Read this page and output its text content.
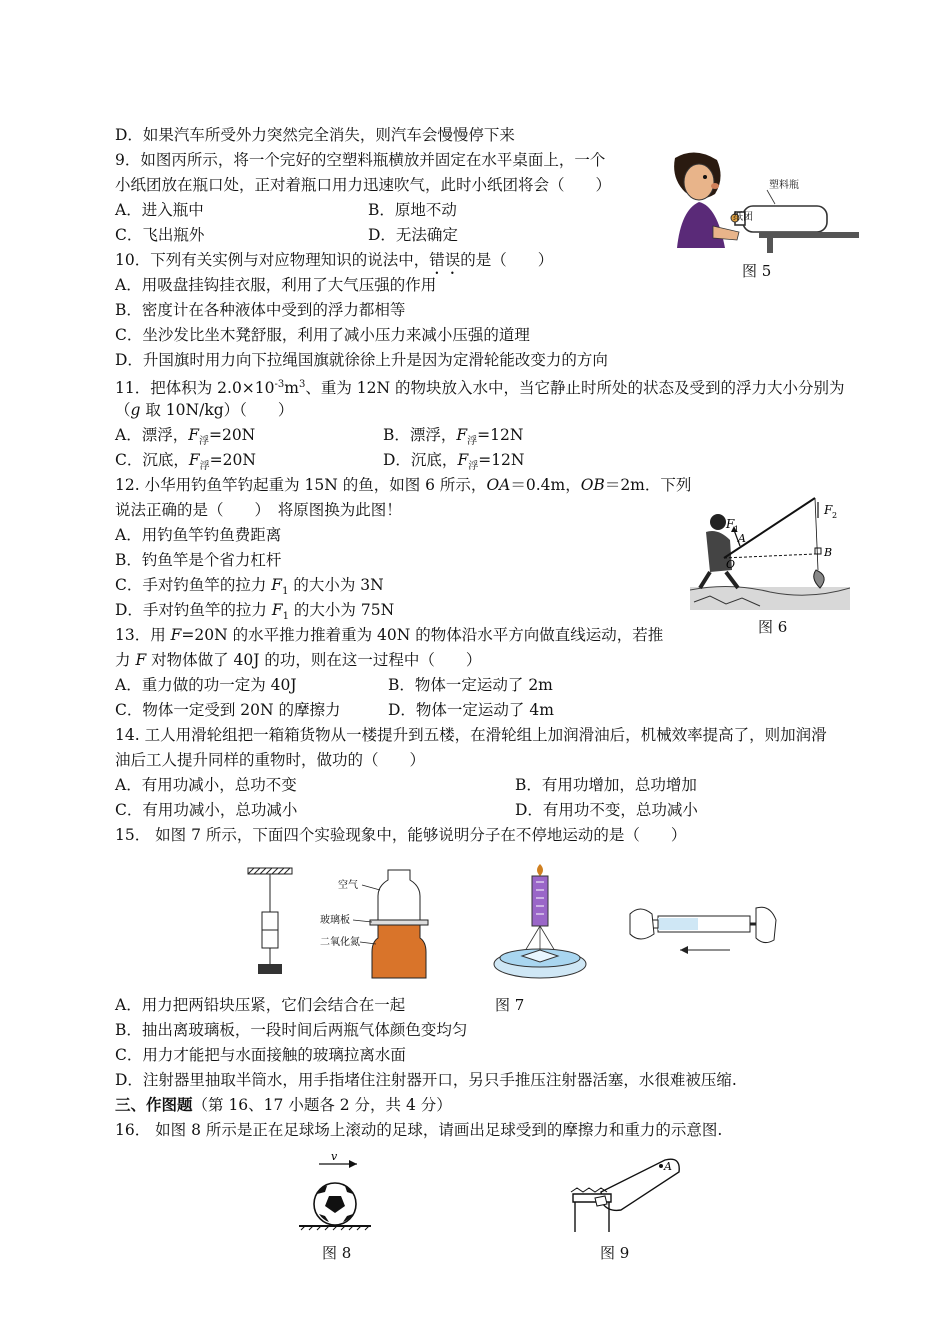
D．如果汽车所受外力突然完全消失，则汽车会慢慢停下来
9．如图丙所示，将一个完好的空塑料瓶横放并固定在水平桌面上，一个
小纸团放在瓶口处，正对着瓶口用力迅速吹气，此时小纸团将会（　　）
A．进入瓶中	B．原地不动
C．飞出瓶外	D．无法确定
塑料瓶
纸团
图 5
10．下列有关实例与对应物理知识的说法中，错误的是（　　）
A．用吸盘挂钩挂衣服，利用了大气压强的作用
B．密度计在各种液体中受到的浮力都相等
C．坐沙发比坐木凳舒服，利用了减小压力来减小压强的道理
D．升国旗时用力向下拉绳国旗就徐徐上升是因为定滑轮能改变力的方向
11．把体积为 $2.0\times 10^{-3}m^3$、重为 12N 的物块放入水中，当它静止时所处的状态及受到的浮力大小分别为
（g 取 10N/kg）（　　）
A．漂浮，$F_浮=20N$	B．漂浮，$F_浮=12N$
C．沉底，$F_浮=20N$	D．沉底，$F_浮=12N$
12. 小华用钓鱼竿钓起重为 15N 的鱼，如图 6 所示，OA＝0.4m，OB＝2m．下列
说法正确的是（　　）　将原图换为此图！
A．用钓鱼竿钓鱼费距离
B．钓鱼竿是个省力杠杆
C．手对钓鱼竿的拉力 $F_1$ 的大小为 3N
D．手对钓鱼竿的拉力 $F_1$ 的大小为 75N
F 1
A
O
F 2
B
图 6
13．用 F=20N 的水平推力推着重为 40N 的物体沿水平方向做直线运动，若推
力 F 对物体做了 40J 的功，则在这一过程中（　　）
A．重力做的功一定为 40J	B．物体一定运动了 2m
C．物体一定受到 20N 的摩擦力	D．物体一定运动了 4m
14. 工人用滑轮组把一箱箱货物从一楼提升到五楼，在滑轮组上加润滑油后，机械效率提高了，则加润滑
油后工人提升同样的重物时，做功的（　　）
A．有用功减小，总功不变	B．有用功增加，总功增加
C．有用功减小，总功减小	D．有用功不变，总功减小
15． 如图 7 所示，下面四个实验现象中，能够说明分子在不停地运动的是（　　）
空气
玻璃板
二氧化氮
A．用力把两铅块压紧，它们会结合在一起	图 7
B．抽出离玻璃板，一段时间后两瓶气体颜色变均匀
C．用力才能把与水面接触的玻璃拉离水面
D．注射器里抽取半筒水，用手指堵住注射器开口，另只手推压注射器活塞，水很难被压缩.
三、作图题（第 16、17 小题各 2 分，共 4 分）
16． 如图 8 所示是正在足球场上滚动的足球，请画出足球受到的摩擦力和重力的示意图.
v
图 8
A
图 9
